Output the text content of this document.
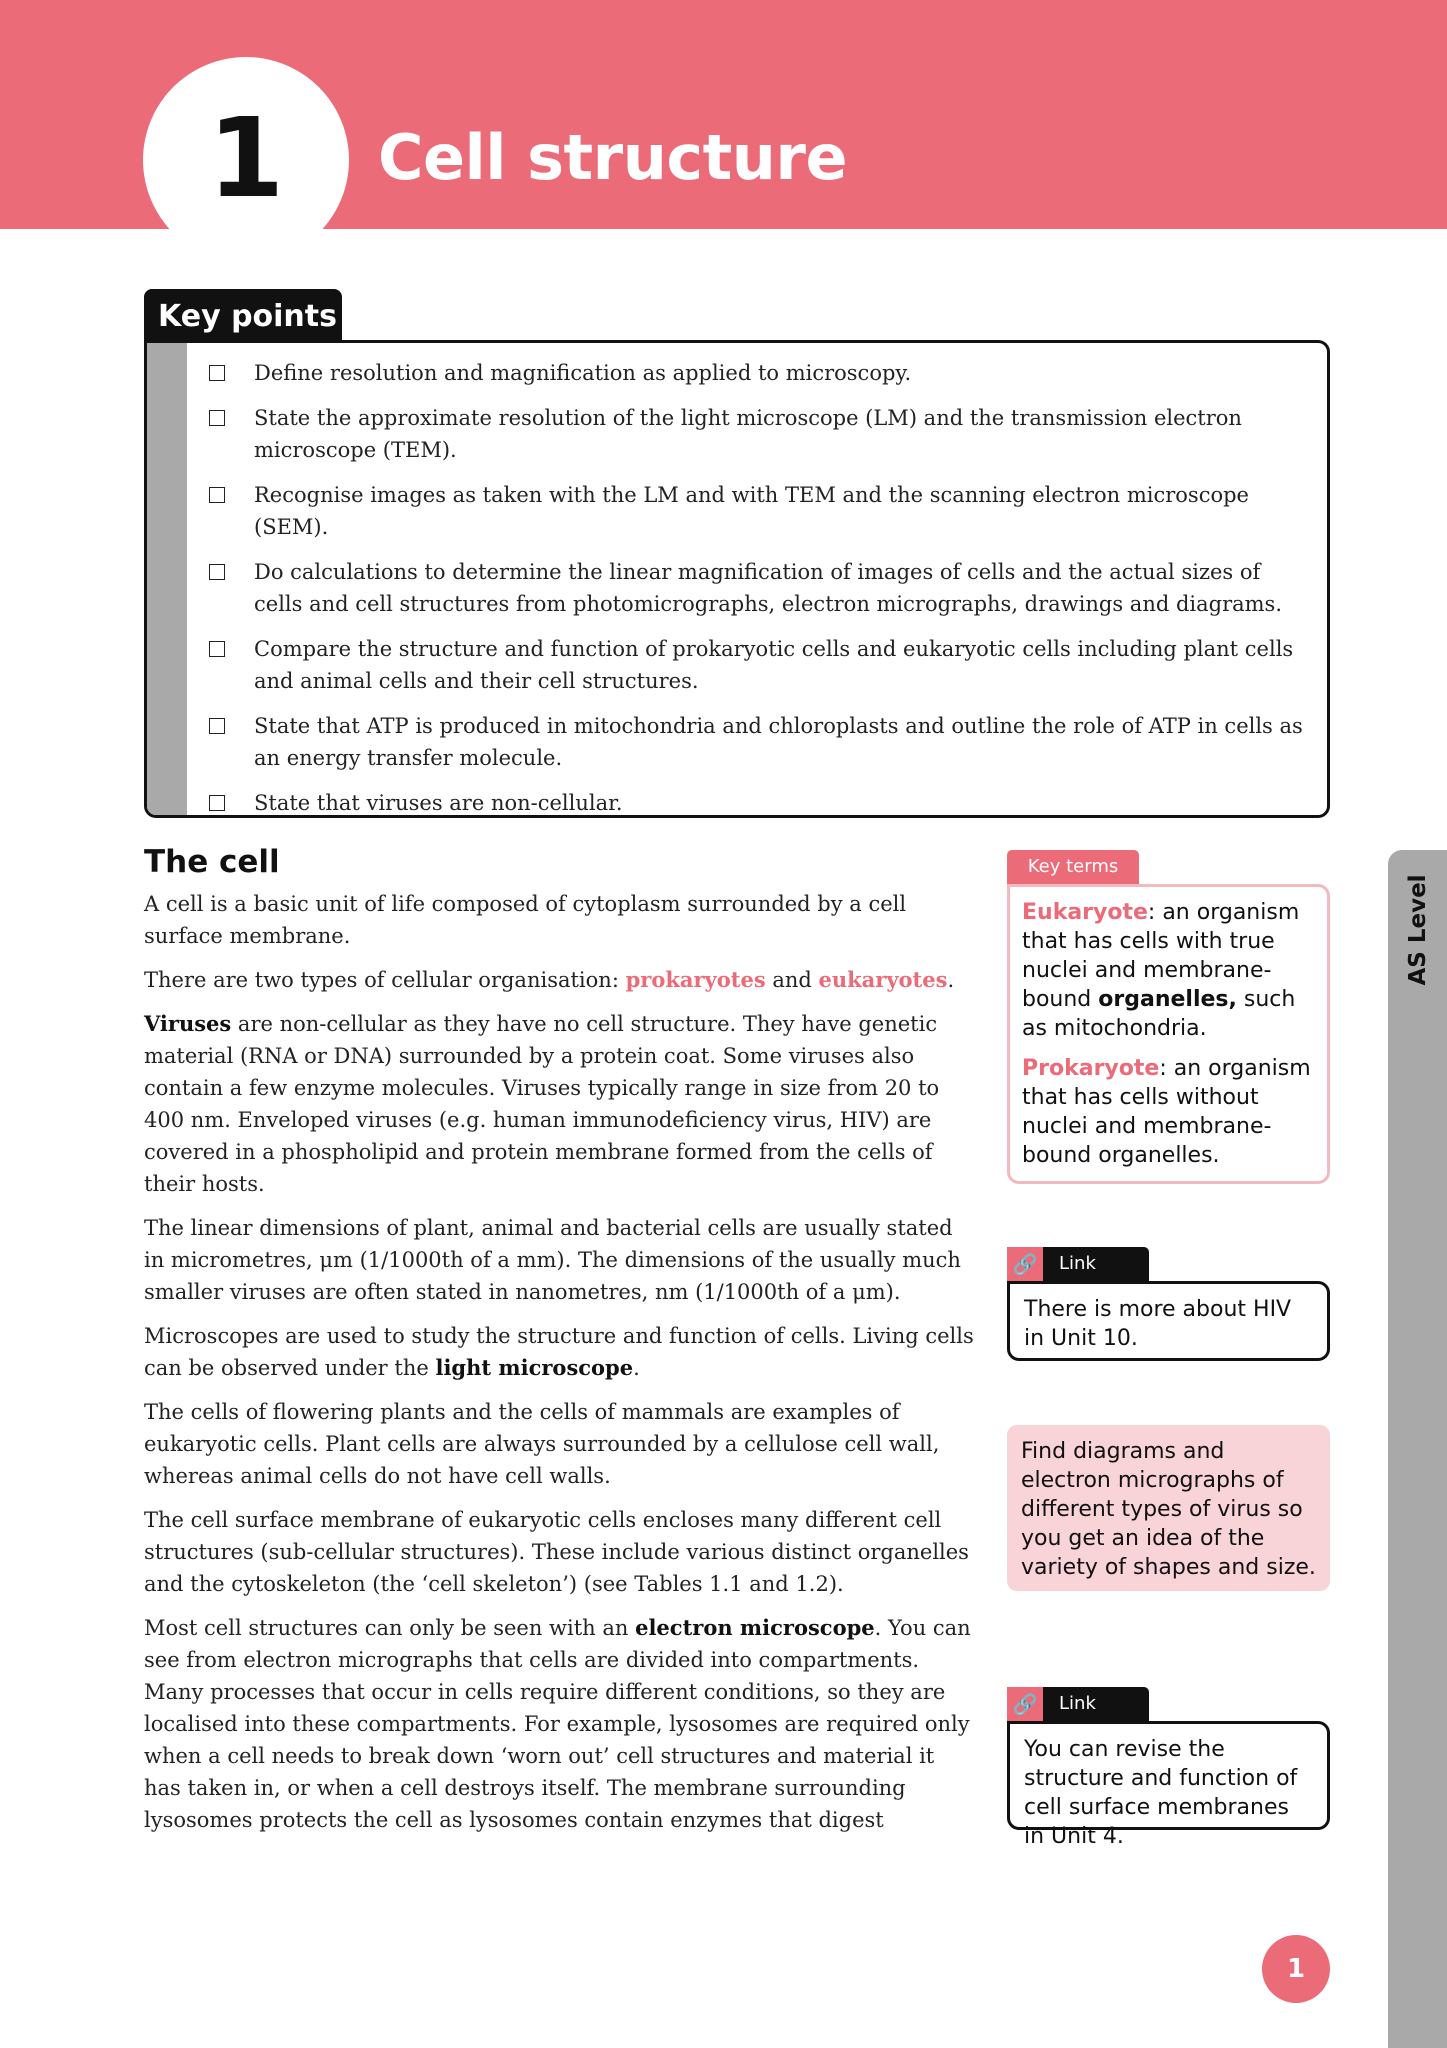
1	Cell structure
Key points
Define resolution and magnification as applied to microscopy.
State the approximate resolution of the light microscope (LM) and the transmission electron microscope (TEM).
Recognise images as taken with the LM and with TEM and the scanning electron microscope (SEM).
Do calculations to determine the linear magnification of images of cells and the actual sizes of cells and cell structures from photomicrographs, electron micrographs, drawings and diagrams.
Compare the structure and function of prokaryotic cells and eukaryotic cells including plant cells and animal cells and their cell structures.
State that ATP is produced in mitochondria and chloroplasts and outline the role of ATP in cells as an energy transfer molecule.
State that viruses are non-cellular.
The cell

A cell is a basic unit of life composed of cytoplasm surrounded by a cell surface membrane.

There are two types of cellular organisation: prokaryotes and eukaryotes.

Viruses are non-cellular as they have no cell structure. They have genetic material (RNA or DNA) surrounded by a protein coat. Some viruses also contain a few enzyme molecules. Viruses typically range in size from 20 to 400 nm. Enveloped viruses (e.g. human immunodeficiency virus, HIV) are covered in a phospholipid and protein membrane formed from the cells of their hosts.

The linear dimensions of plant, animal and bacterial cells are usually stated in micrometres, μm (1/1000th of a mm). The dimensions of the usually much smaller viruses are often stated in nanometres, nm (1/1000th of a μm).

Microscopes are used to study the structure and function of cells. Living cells can be observed under the light microscope.

The cells of flowering plants and the cells of mammals are examples of eukaryotic cells. Plant cells are always surrounded by a cellulose cell wall, whereas animal cells do not have cell walls.

The cell surface membrane of eukaryotic cells encloses many different cell structures (sub-cellular structures). These include various distinct organelles and the cytoskeleton (the ‘cell skeleton’) (see Tables 1.1 and 1.2).

Most cell structures can only be seen with an electron microscope. You can see from electron micrographs that cells are divided into compartments. Many processes that occur in cells require different conditions, so they are localised into these compartments. For example, lysosomes are required only when a cell needs to break down ‘worn out’ cell structures and material it has taken in, or when a cell destroys itself. The membrane surrounding lysosomes protects the cell as lysosomes contain enzymes that digest

Key terms

Eukaryote: an organism that has cells with true nuclei and membrane-bound organelles, such as mitochondria.

Prokaryote: an organism that has cells without nuclei and membrane-bound organelles.

🔗	Link
There is more about HIV in Unit 10.
Find diagrams and electron micrographs of different types of virus so you get an idea of the variety of shapes and size.
🔗	Link
You can revise the structure and function of cell surface membranes in Unit 4.
AS Level
1
